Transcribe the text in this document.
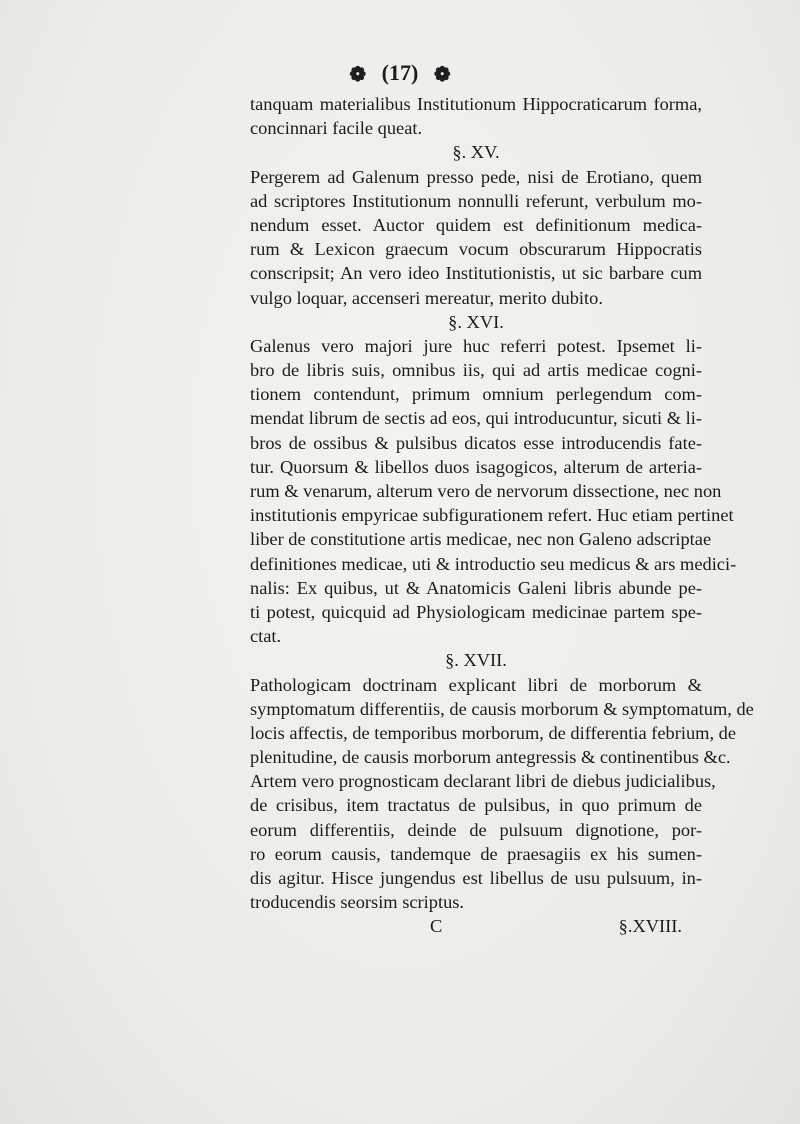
❁ (17) ❁
tanquam materialibus Institutionum Hippocraticarum forma,
concinnari facile queat.
§. XV.
Pergerem ad Galenum presso pede, nisi de Erotiano, quem
ad scriptores Institutionum nonnulli referunt, verbulum mo-
nendum esset. Auctor quidem est definitionum medica-
rum & Lexicon graecum vocum obscurarum Hippocratis
conscripsit; An vero ideo Institutionistis, ut sic barbare cum
vulgo loquar, accenseri mereatur, merito dubito.
§. XVI.
Galenus vero majori jure huc referri potest. Ipsemet li-
bro de libris suis, omnibus iis, qui ad artis medicae cogni-
tionem contendunt, primum omnium perlegendum com-
mendat librum de sectis ad eos, qui introducuntur, sicuti & li-
bros de ossibus & pulsibus dicatos esse introducendis fate-
tur. Quorsum & libellos duos isagogicos, alterum de arteria-
rum & venarum, alterum vero de nervorum dissectione, nec non
institutionis empyricae subfigurationem refert. Huc etiam pertinet
liber de constitutione artis medicae, nec non Galeno adscriptae
definitiones medicae, uti & introductio seu medicus & ars medici-
nalis: Ex quibus, ut & Anatomicis Galeni libris abunde pe-
ti potest, quicquid ad Physiologicam medicinae partem spe-
ctat.
§. XVII.
Pathologicam doctrinam explicant libri de morborum &
symptomatum differentiis, de causis morborum & symptomatum, de
locis affectis, de temporibus morborum, de differentia febrium, de
plenitudine, de causis morborum antegressis & continentibus &c.
Artem vero prognosticam declarant libri de diebus judicialibus,
de crisibus, item tractatus de pulsibus, in quo primum de
eorum differentiis, deinde de pulsuum dignotione, por-
ro eorum causis, tandemque de praesagiis ex his sumen-
dis agitur. Hisce jungendus est libellus de usu pulsuum, in-
troducendis seorsim scriptus.
C	§.XVIII.
